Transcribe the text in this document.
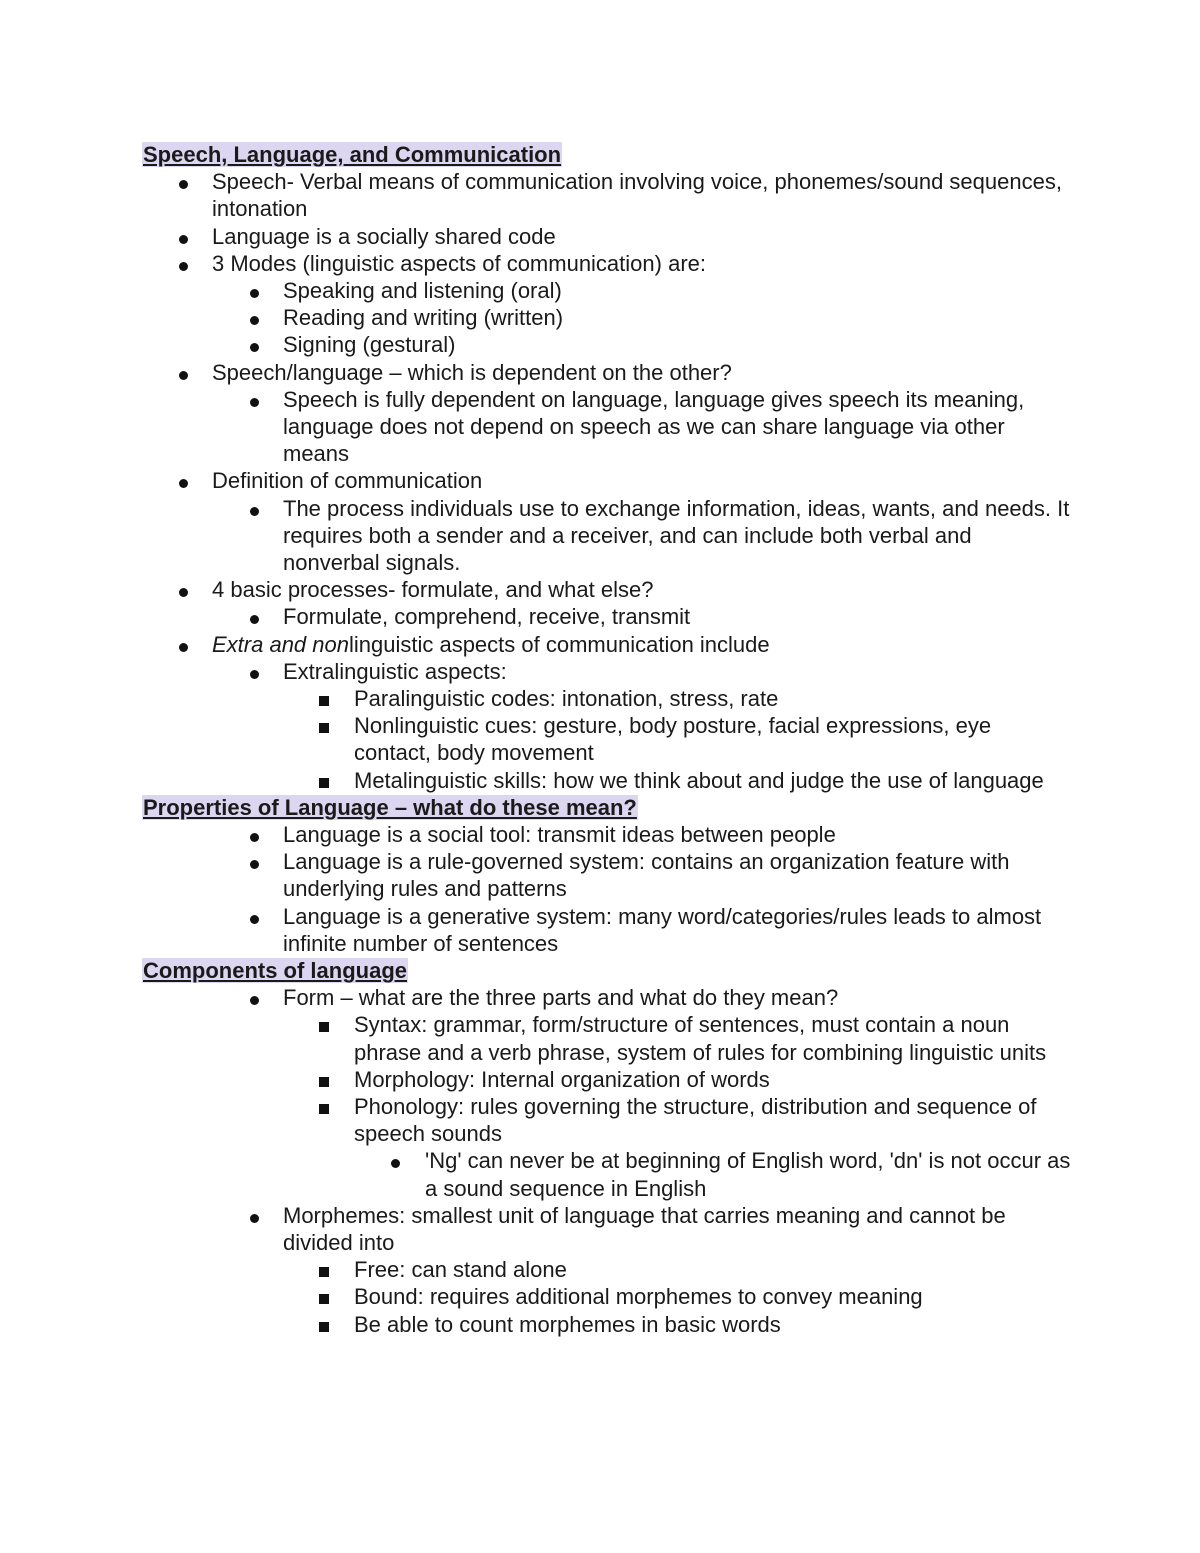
Speech, Language, and Communication
Speech- Verbal means of communication involving voice, phonemes/sound sequences, intonation
Language is a socially shared code
3 Modes (linguistic aspects of communication) are:
Speaking and listening (oral)
Reading and writing (written)
Signing (gestural)
Speech/language – which is dependent on the other?
Speech is fully dependent on language, language gives speech its meaning, language does not depend on speech as we can share language via other means
Definition of communication
The process individuals use to exchange information, ideas, wants, and needs. It requires both a sender and a receiver, and can include both verbal and nonverbal signals.
4 basic processes- formulate, and what else?
Formulate, comprehend, receive, transmit
Extra and nonlinguistic aspects of communication include
Extralinguistic aspects:
Paralinguistic codes: intonation, stress, rate
Nonlinguistic cues: gesture, body posture, facial expressions, eye contact, body movement
Metalinguistic skills: how we think about and judge the use of language
Properties of Language – what do these mean?
Language is a social tool: transmit ideas between people
Language is a rule-governed system: contains an organization feature with underlying rules and patterns
Language is a generative system: many word/categories/rules leads to almost infinite number of sentences
Components of language
Form – what are the three parts and what do they mean?
Syntax: grammar, form/structure of sentences, must contain a noun phrase and a verb phrase, system of rules for combining linguistic units
Morphology: Internal organization of words
Phonology: rules governing the structure, distribution and sequence of speech sounds
'Ng' can never be at beginning of English word, 'dn' is not occur as a sound sequence in English
Morphemes: smallest unit of language that carries meaning and cannot be divided into
Free: can stand alone
Bound: requires additional morphemes to convey meaning
Be able to count morphemes in basic words
